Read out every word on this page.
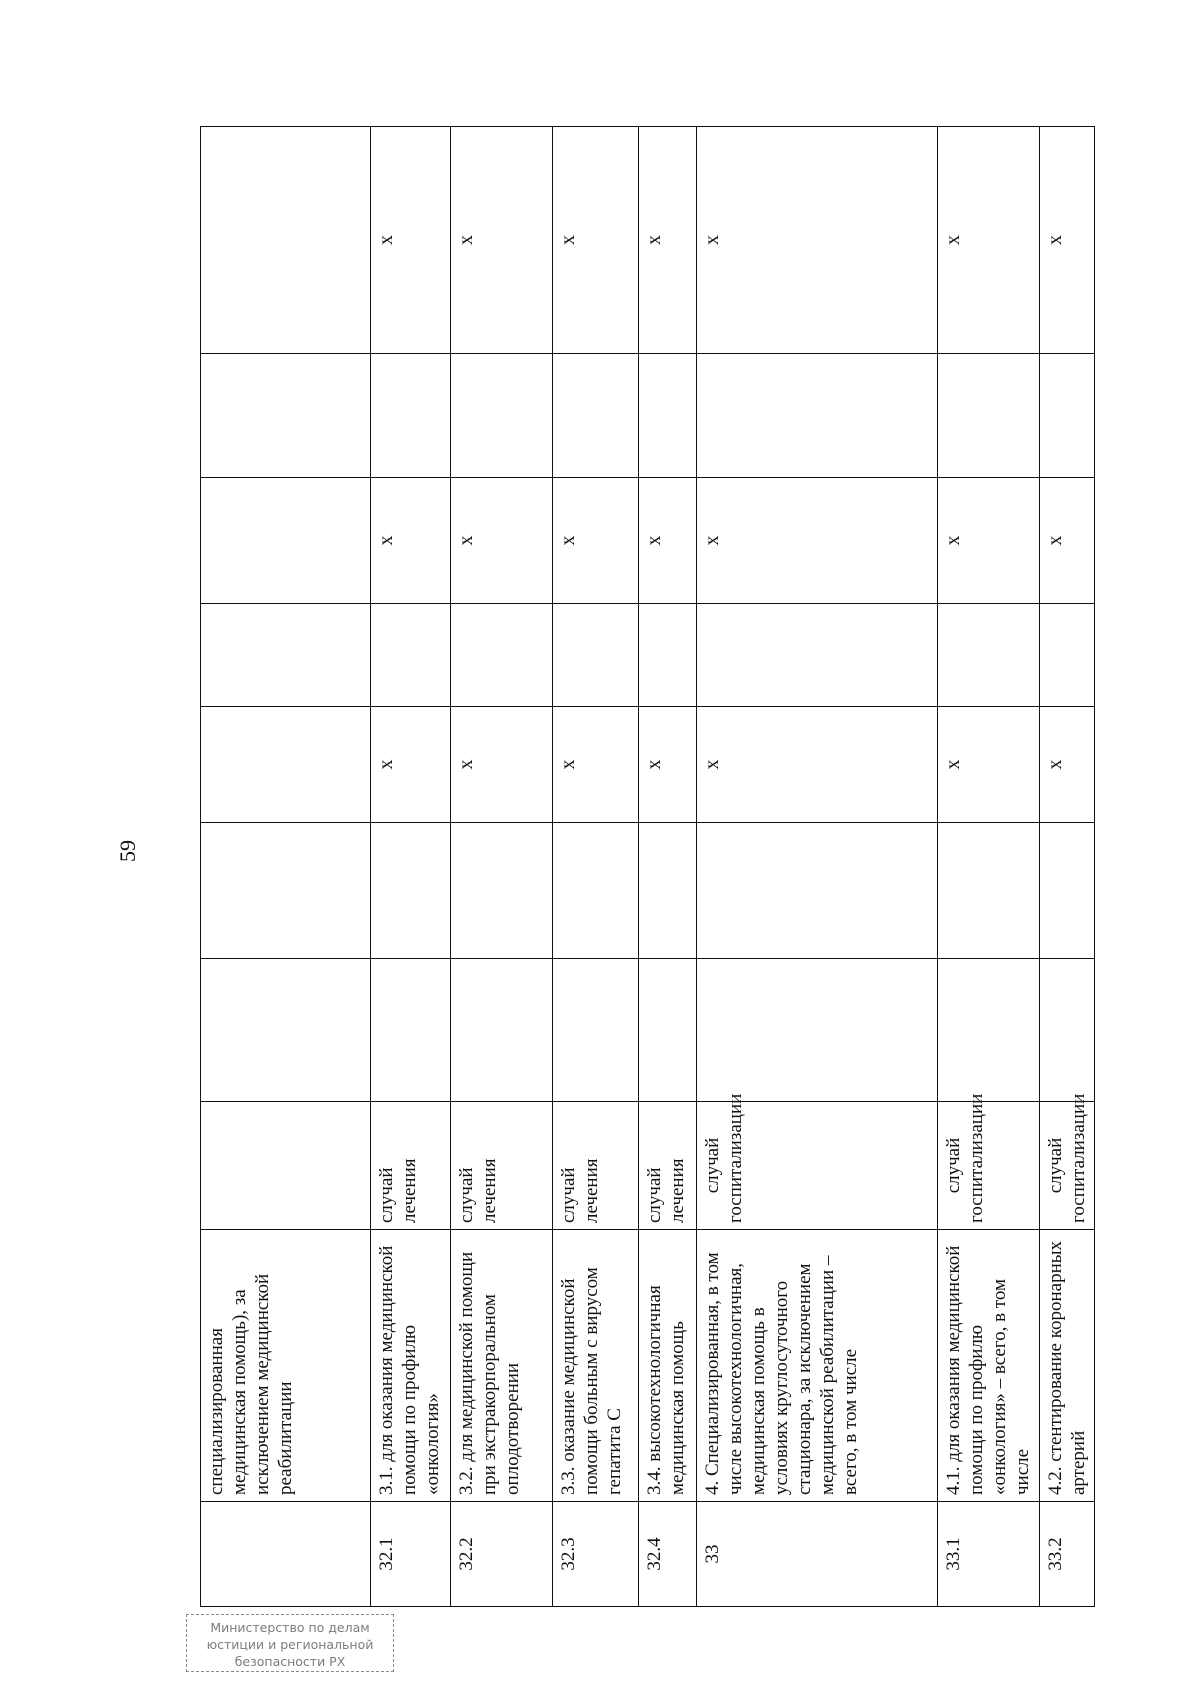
59
	специализированная медицинская помощь), за исключением медицинской реабилитации								
32.1	3.1. для оказания медицинской помощи по профилю «онкология»	случай лечения			х		х		х
32.2	3.2. для медицинской помощи при экстракорпоральном оплодотворении	случай лечения			х		х		х
32.3	3.3. оказание медицинской помощи больным с вирусом гепатита С	случай лечения			х		х		х
32.4	3.4. высокотехнологичная медицинская помощь	случай лечения			х		х		х
33	4. Специализированная, в том числе высокотехнологичная, медицинская помощь в условиях круглосуточного стационара, за исключением медицинской реабилитации – всего, в том числе	случай госпитализации			х		х		х
33.1	4.1. для оказания медицинской помощи по профилю «онкология» – всего, в том числе	случай госпитализации			х		х		х
33.2	4.2. стентирование коронарных артерий	случай госпитализации			х		х		х
Министерство по делам
юстиции и региональной
безопасности РХ
